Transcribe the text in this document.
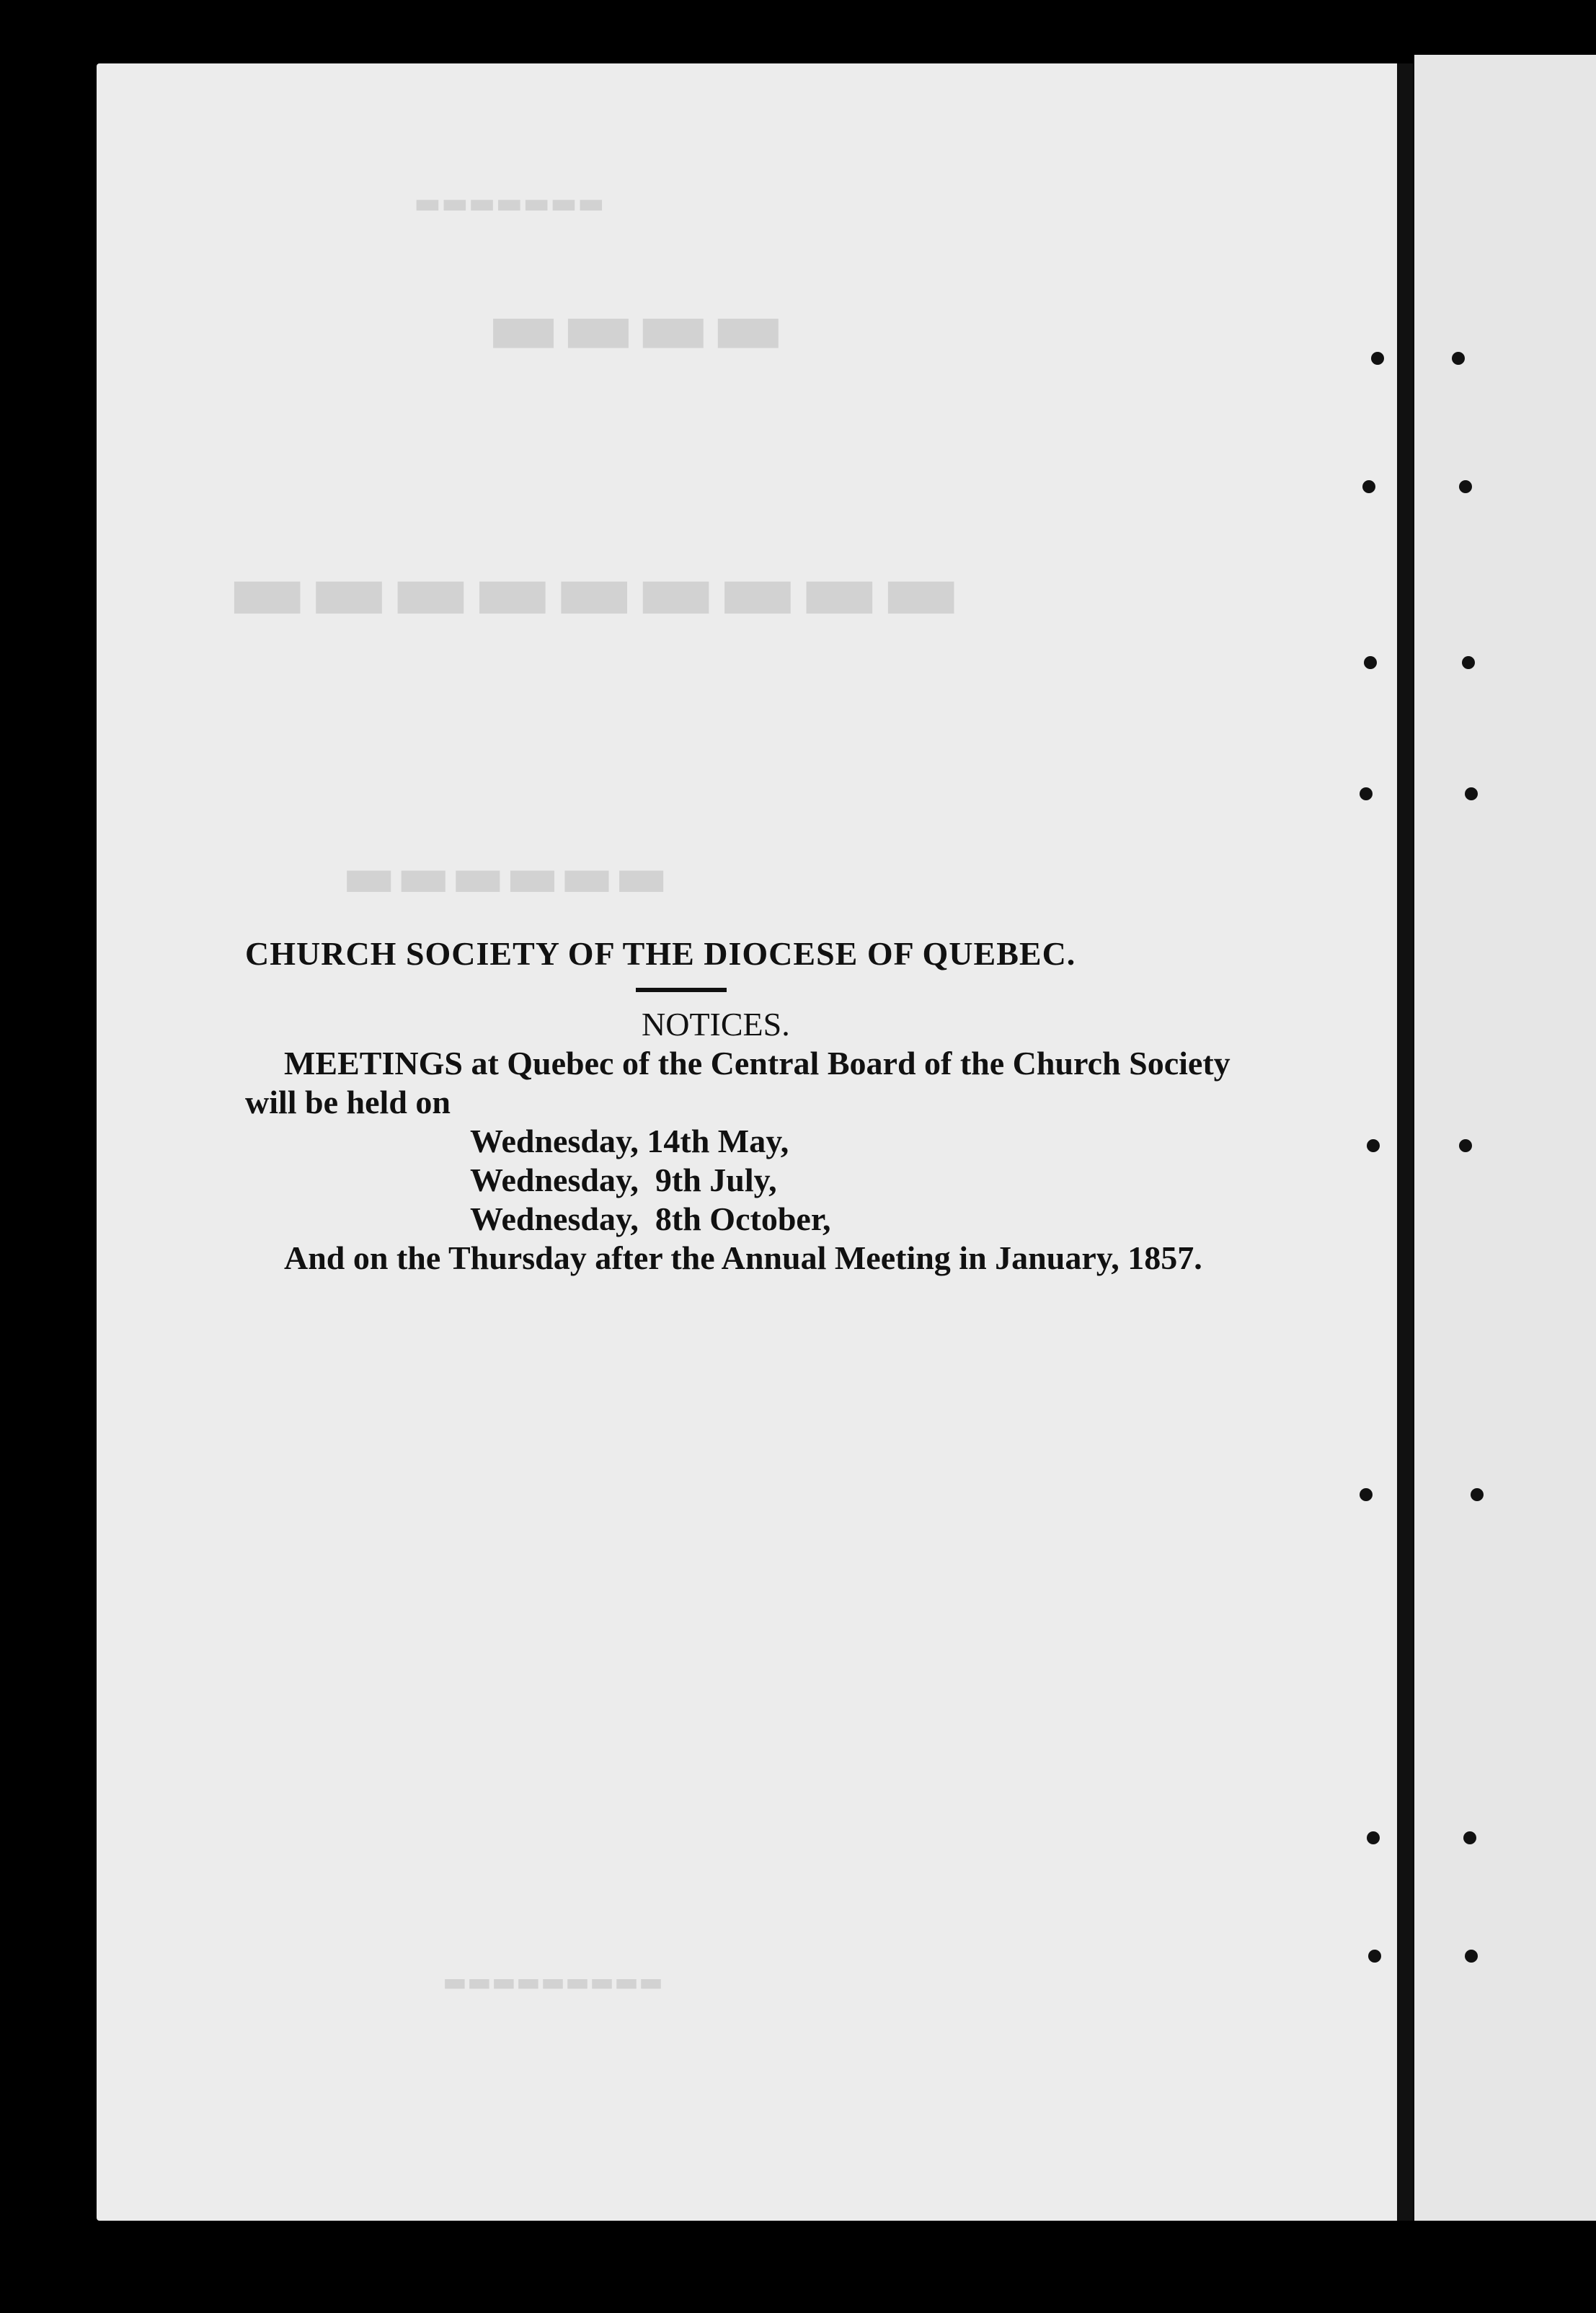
▬▬▬▬▬▬▬
▬▬▬▬
▬▬▬▬▬▬▬▬▬
▬▬▬▬▬▬
▬▬▬▬▬▬▬▬▬
CHURCH SOCIETY OF THE DIOCESE OF QUEBEC.
NOTICES.

MEETINGS at Quebec of the Central Board of the Church Society will be held on

Wednesday, 14th May,
Wednesday,  9th July,
Wednesday,  8th October,

And on the Thursday after the Annual Meeting in January, 1857.
